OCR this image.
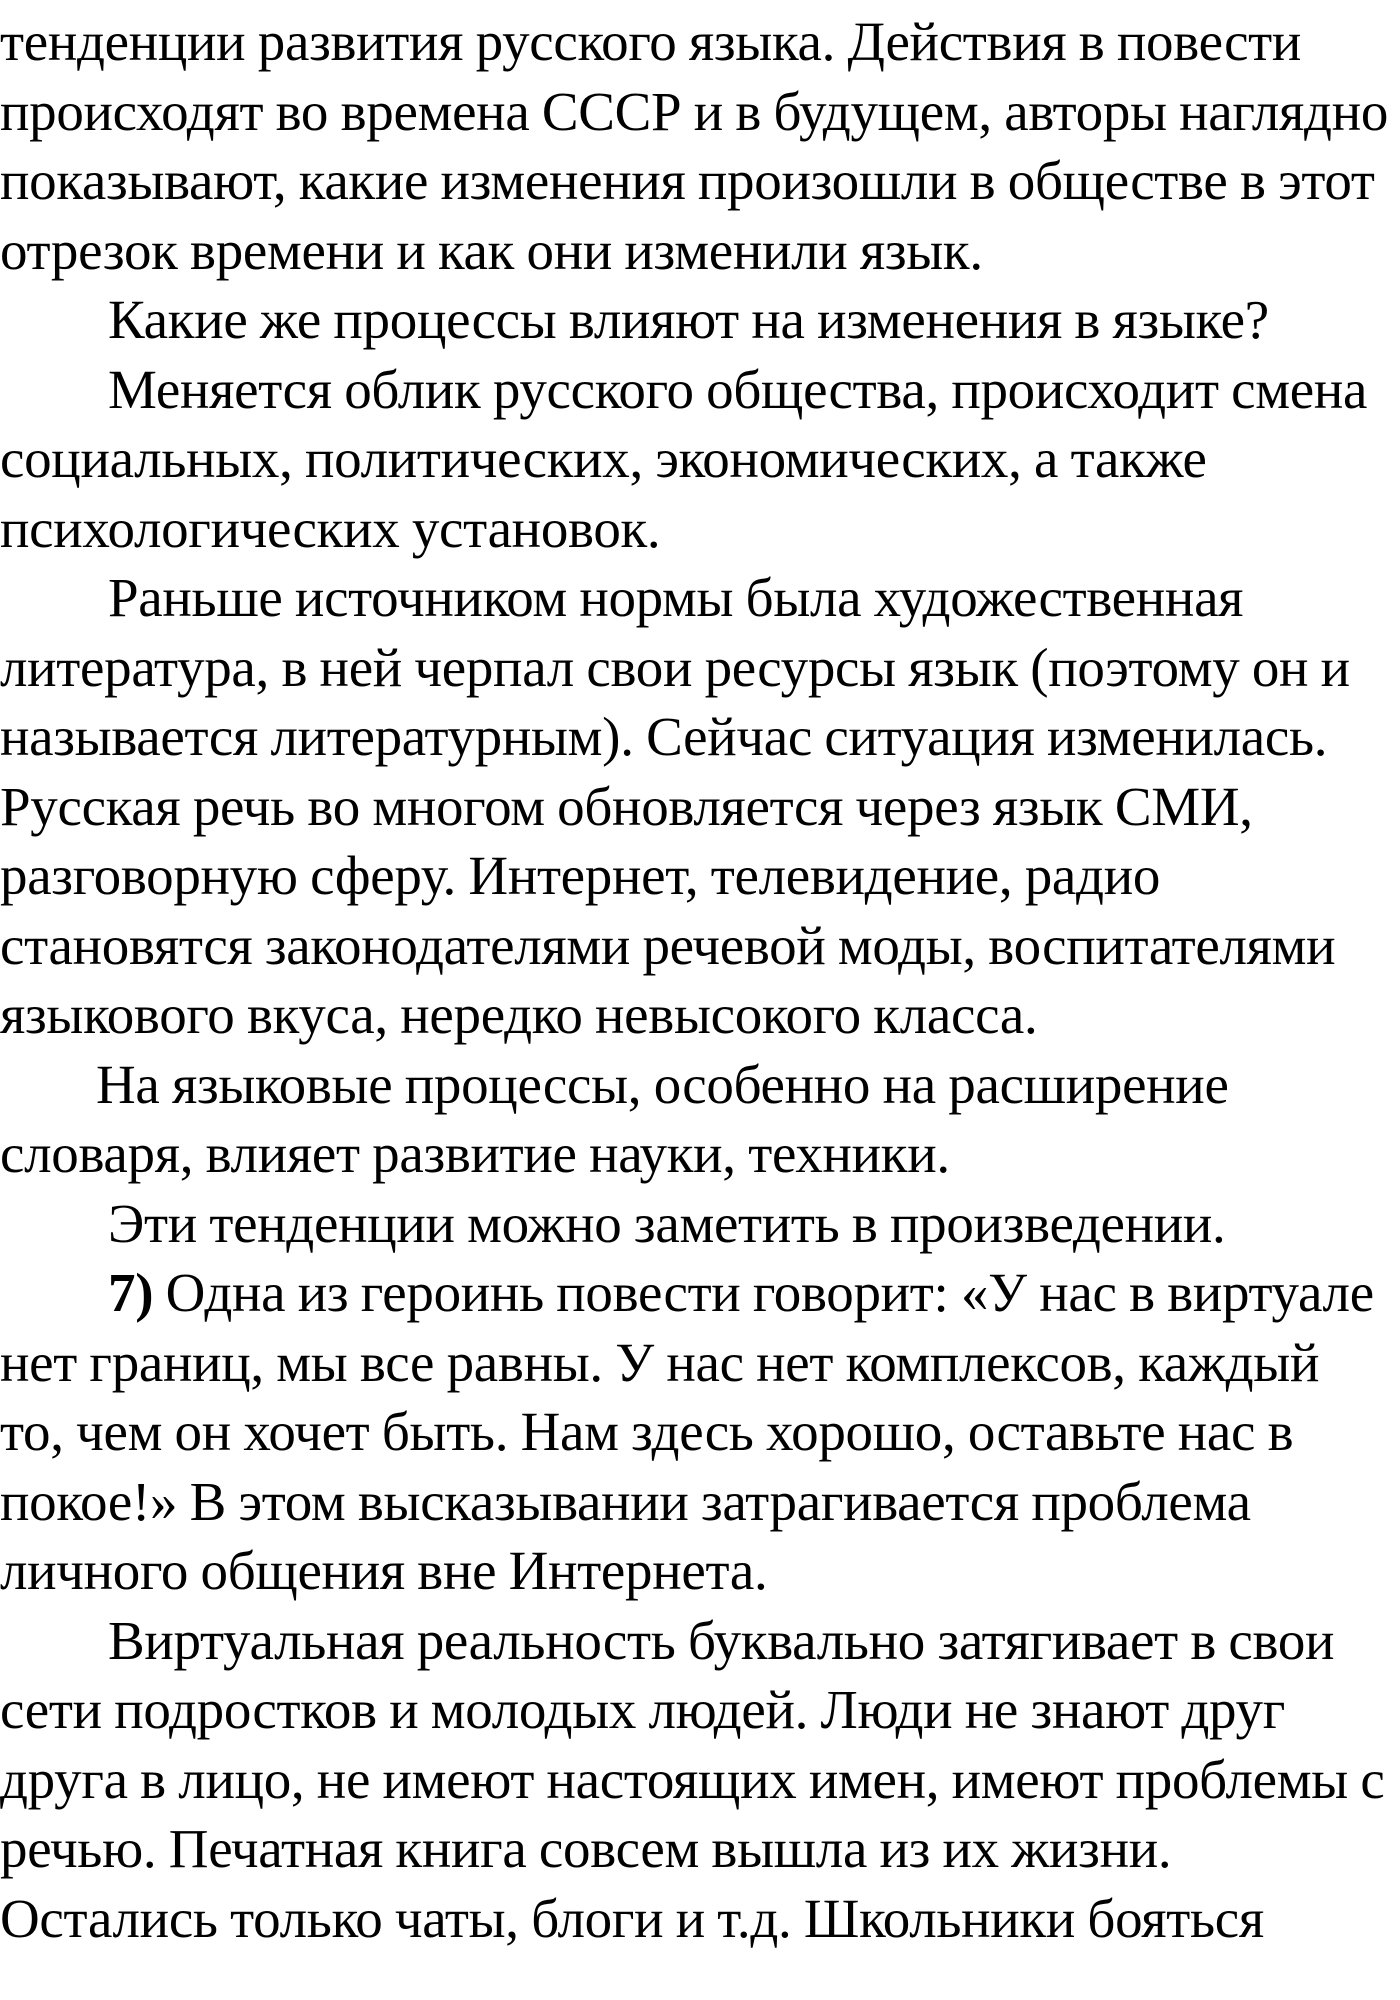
тенденции развития русского языка. Действия в повести
происходят во времена СССР и в будущем, авторы наглядно
показывают, какие изменения произошли в обществе в этот
отрезок времени и как они изменили язык.
Какие же процессы влияют на изменения в языке?
Меняется облик русского общества, происходит смена
социальных, политических, экономических, а также
психологических установок.
Раньше источником нормы была художественная
литература, в ней черпал свои ресурсы язык (поэтому он и
называется литературным). Сейчас ситуация изменилась.
Русская речь во многом обновляется через язык СМИ,
разговорную сферу. Интернет, телевидение, радио
становятся законодателями речевой моды, воспитателями
языкового вкуса, нередко невысокого класса.
На языковые процессы, особенно на расширение
словаря, влияет развитие науки, техники.
Эти тенденции можно заметить в произведении.
7) Одна из героинь повести говорит: «У нас в виртуале
нет границ, мы все равны. У нас нет комплексов, каждый
то, чем он хочет быть. Нам здесь хорошо, оставьте нас в
покое!» В этом высказывании затрагивается проблема
личного общения вне Интернета.
Виртуальная реальность буквально затягивает в свои
сети подростков и молодых людей. Люди не знают друг
друга в лицо, не имеют настоящих имен, имеют проблемы с
речью. Печатная книга совсем вышла из их жизни.
Остались только чаты, блоги и т.д. Школьники бояться
